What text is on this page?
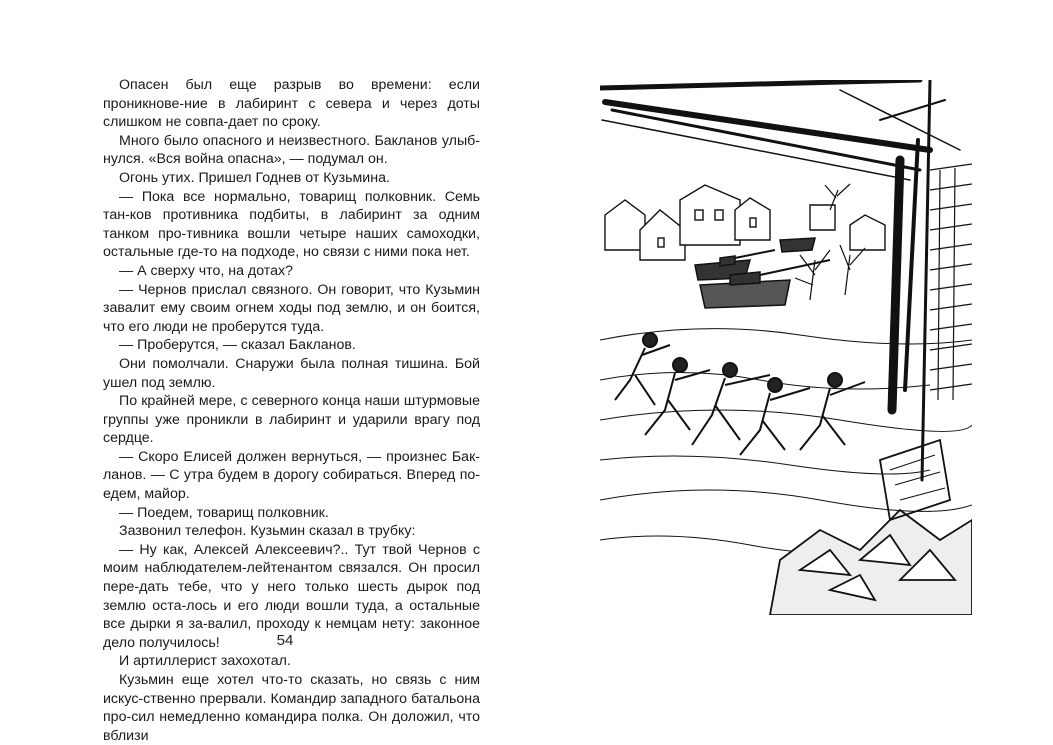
Опасен был еще разрыв во времени: если проникнове-ние в лабиринт с севера и через доты слишком не совпа-дает по сроку.

Много было опасного и неизвестного. Бакланов улыб-нулся. «Вся война опасна», — подумал он.

Огонь утих. Пришел Годнев от Кузьмина.

— Пока все нормально, товарищ полковник. Семь тан-ков противника подбиты, в лабиринт за одним танком про-тивника вошли четыре наших самоходки, остальные где-то на подходе, но связи с ними пока нет.

— А сверху что, на дотах?

— Чернов прислал связного. Он говорит, что Кузьмин завалит ему своим огнем ходы под землю, и он боится, что его люди не проберутся туда.

— Проберутся, — сказал Бакланов.

Они помолчали. Снаружи была полная тишина. Бой ушел под землю.

По крайней мере, с северного конца наши штурмовые группы уже проникли в лабиринт и ударили врагу под сердце.

— Скоро Елисей должен вернуться, — произнес Бак-ланов. — С утра будем в дорогу собираться. Вперед по-едем, майор.

— Поедем, товарищ полковник.

Зазвонил телефон. Кузьмин сказал в трубку:

— Ну как, Алексей Алексеевич?.. Тут твой Чернов с моим наблюдателем-лейтенантом связался. Он просил пере-дать тебе, что у него только шесть дырок под землю оста-лось и его люди вошли туда, а остальные все дырки я за-валил, проходу к немцам нету: законное дело получилось!

И артиллерист захохотал.

Кузьмин еще хотел что-то сказать, но связь с ним искус-ственно прервали. Командир западного батальона про-сил немедленно командира полка. Он доложил, что вблизи

54
